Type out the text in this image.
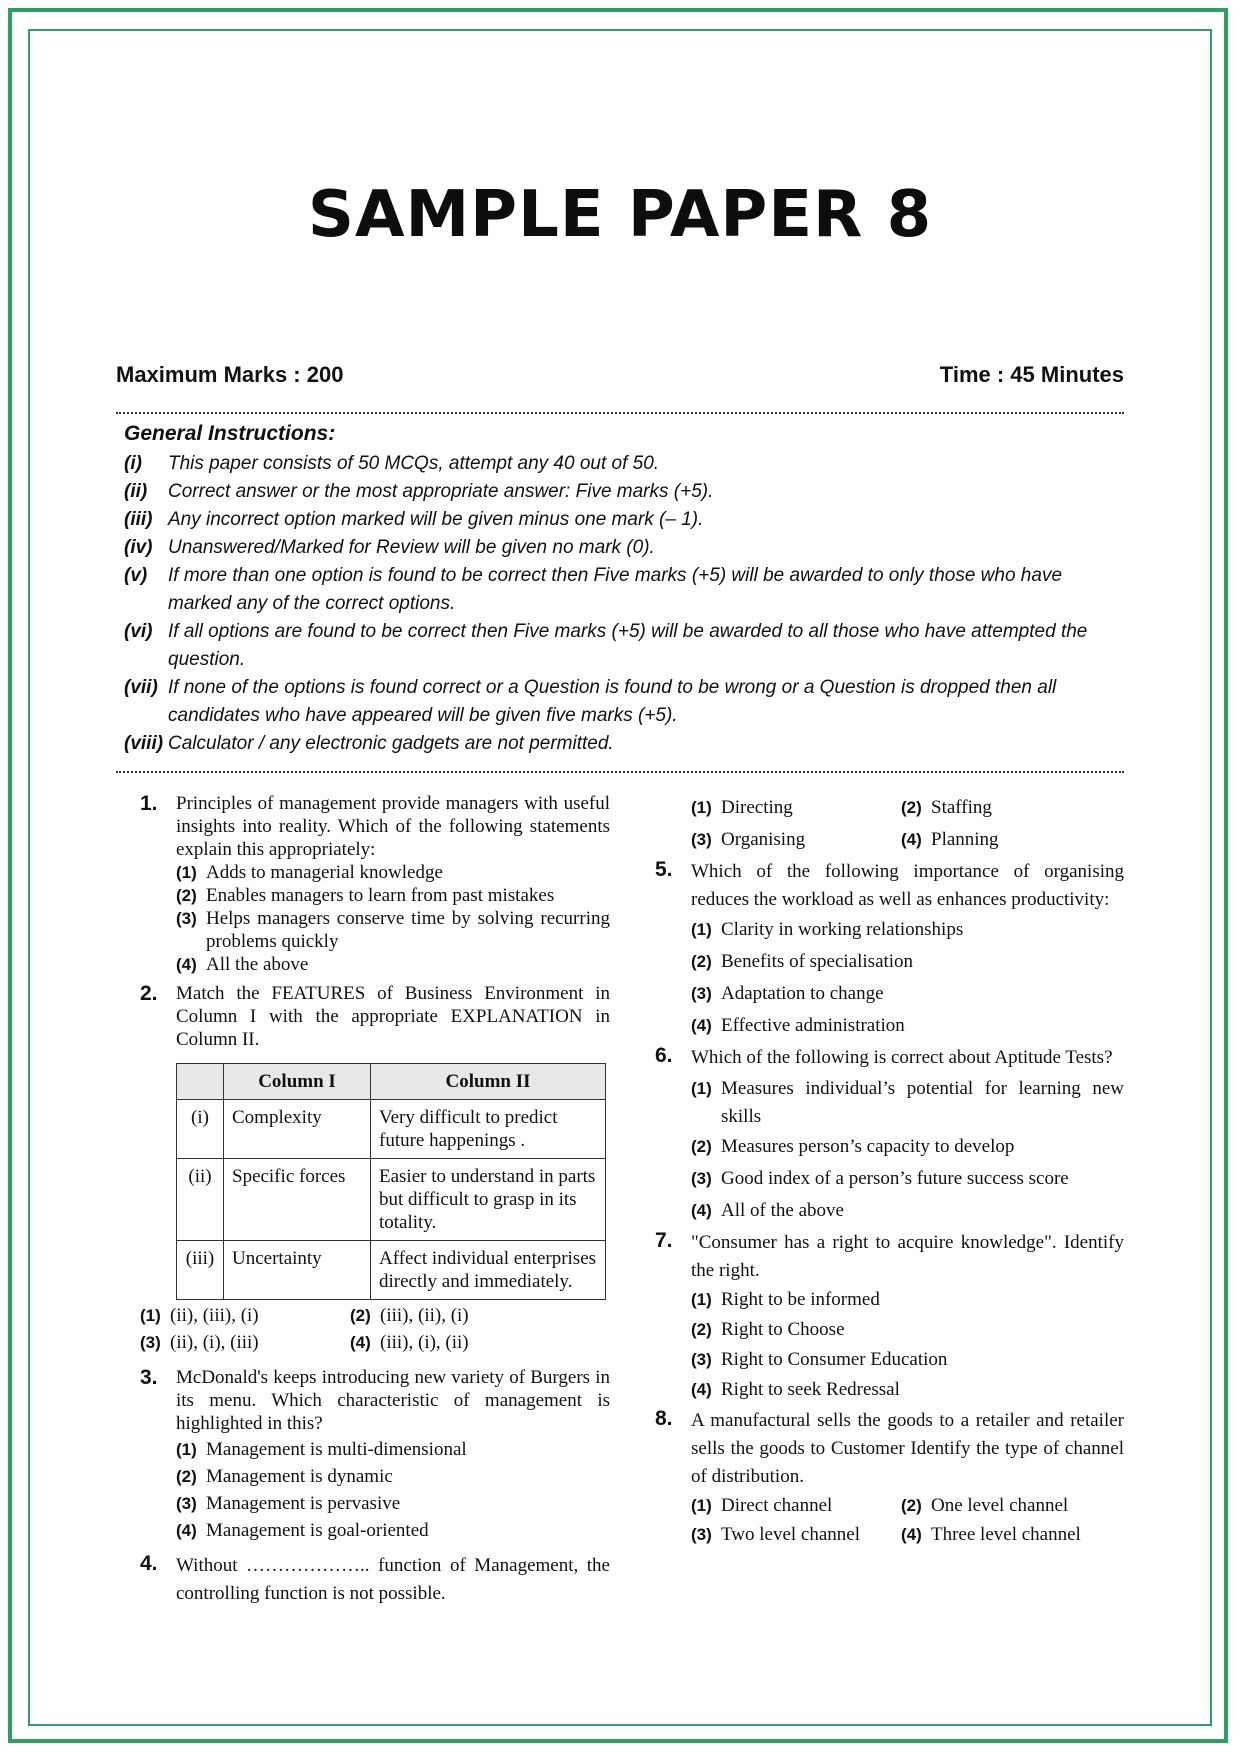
SAMPLE PAPER 8
Maximum Marks : 200	Time : 45 Minutes
General Instructions:
(i)	This paper consists of 50 MCQs, attempt any 40 out of 50.
(ii)	Correct answer or the most appropriate answer: Five marks (+5).
(iii) Any incorrect option marked will be given minus one mark (– 1).
(iv) Unanswered/Marked for Review will be given no mark (0).
(v)	If more than one option is found to be correct then Five marks (+5) will be awarded to only those who have marked any of the correct options.
(vi) If all options are found to be correct then Five marks (+5) will be awarded to all those who have attempted the question.
(vii) If none of the options is found correct or a Question is found to be wrong or a Question is dropped then all candidates who have appeared will be given five marks (+5).
(viii) Calculator / any electronic gadgets are not permitted.
1. Principles of management provide managers with useful insights into reality. Which of the following statements explain this appropriately:
(1) Adds to managerial knowledge
(2) Enables managers to learn from past mistakes
(3) Helps managers conserve time by solving recurring problems quickly
(4) All the above
2. Match the FEATURES of Business Environment in Column I with the appropriate EXPLANATION in Column II.
	Column I	Column II
(i)	Complexity	Very difficult to predict future happenings .
(ii)	Specific forces	Easier to understand in parts but difficult to grasp in its totality.
(iii)	Uncertainty	Affect individual enterprises directly and immediately.
(1) (ii), (iii), (i)
(3) (ii), (i), (iii)
(2) (iii), (ii), (i)
(4) (iii), (i), (ii)
3. McDonald's keeps introducing new variety of Burgers in its menu. Which characteristic of management is highlighted in this?
(1) Management is multi-dimensional
(2) Management is dynamic
(3) Management is pervasive
(4) Management is goal-oriented
4. Without ……………….. function of Management, the controlling function is not possible.
(1) Directing
(3) Organising
(2) Staffing
(4) Planning
5. Which of the following importance of organising reduces the workload as well as enhances productivity:
(1) Clarity in working relationships
(2) Benefits of specialisation
(3) Adaptation to change
(4) Effective administration
6. Which of the following is correct about Aptitude Tests?
(1) Measures individual’s potential for learning new skills
(2) Measures person’s capacity to develop
(3) Good index of a person’s future success score
(4) All of the above
7. "Consumer has a right to acquire knowledge". Identify the right.
(1) Right to be informed
(2) Right to Choose
(3) Right to Consumer Education
(4) Right to seek Redressal
8. A manufactural sells the goods to a retailer and retailer sells the goods to Customer Identify the type of channel of distribution.
(1) Direct channel
(3) Two level channel
(2) One level channel
(4) Three level channel
